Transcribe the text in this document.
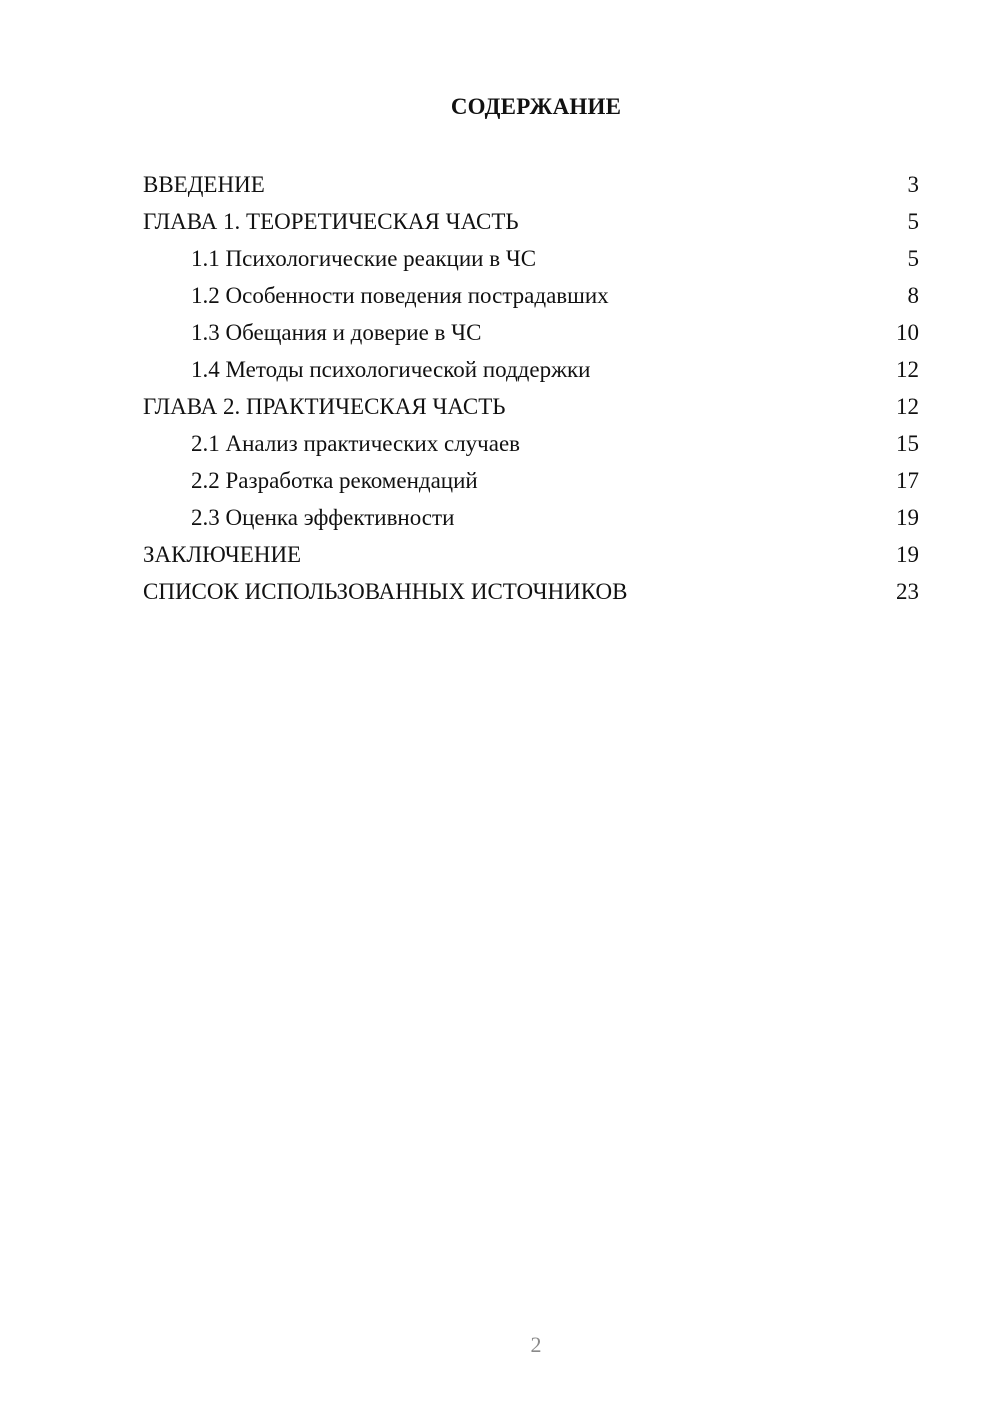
СОДЕРЖАНИЕ
ВВЕДЕНИЕ	3
ГЛАВА 1. ТЕОРЕТИЧЕСКАЯ ЧАСТЬ	5
1.1 Психологические реакции в ЧС	5
1.2 Особенности поведения пострадавших	8
1.3 Обещания и доверие в ЧС	10
1.4 Методы психологической поддержки	12
ГЛАВА 2. ПРАКТИЧЕСКАЯ ЧАСТЬ	12
2.1 Анализ практических случаев	15
2.2 Разработка рекомендаций	17
2.3 Оценка эффективности	19
ЗАКЛЮЧЕНИЕ	19
СПИСОК ИСПОЛЬЗОВАННЫХ ИСТОЧНИКОВ	23
2
